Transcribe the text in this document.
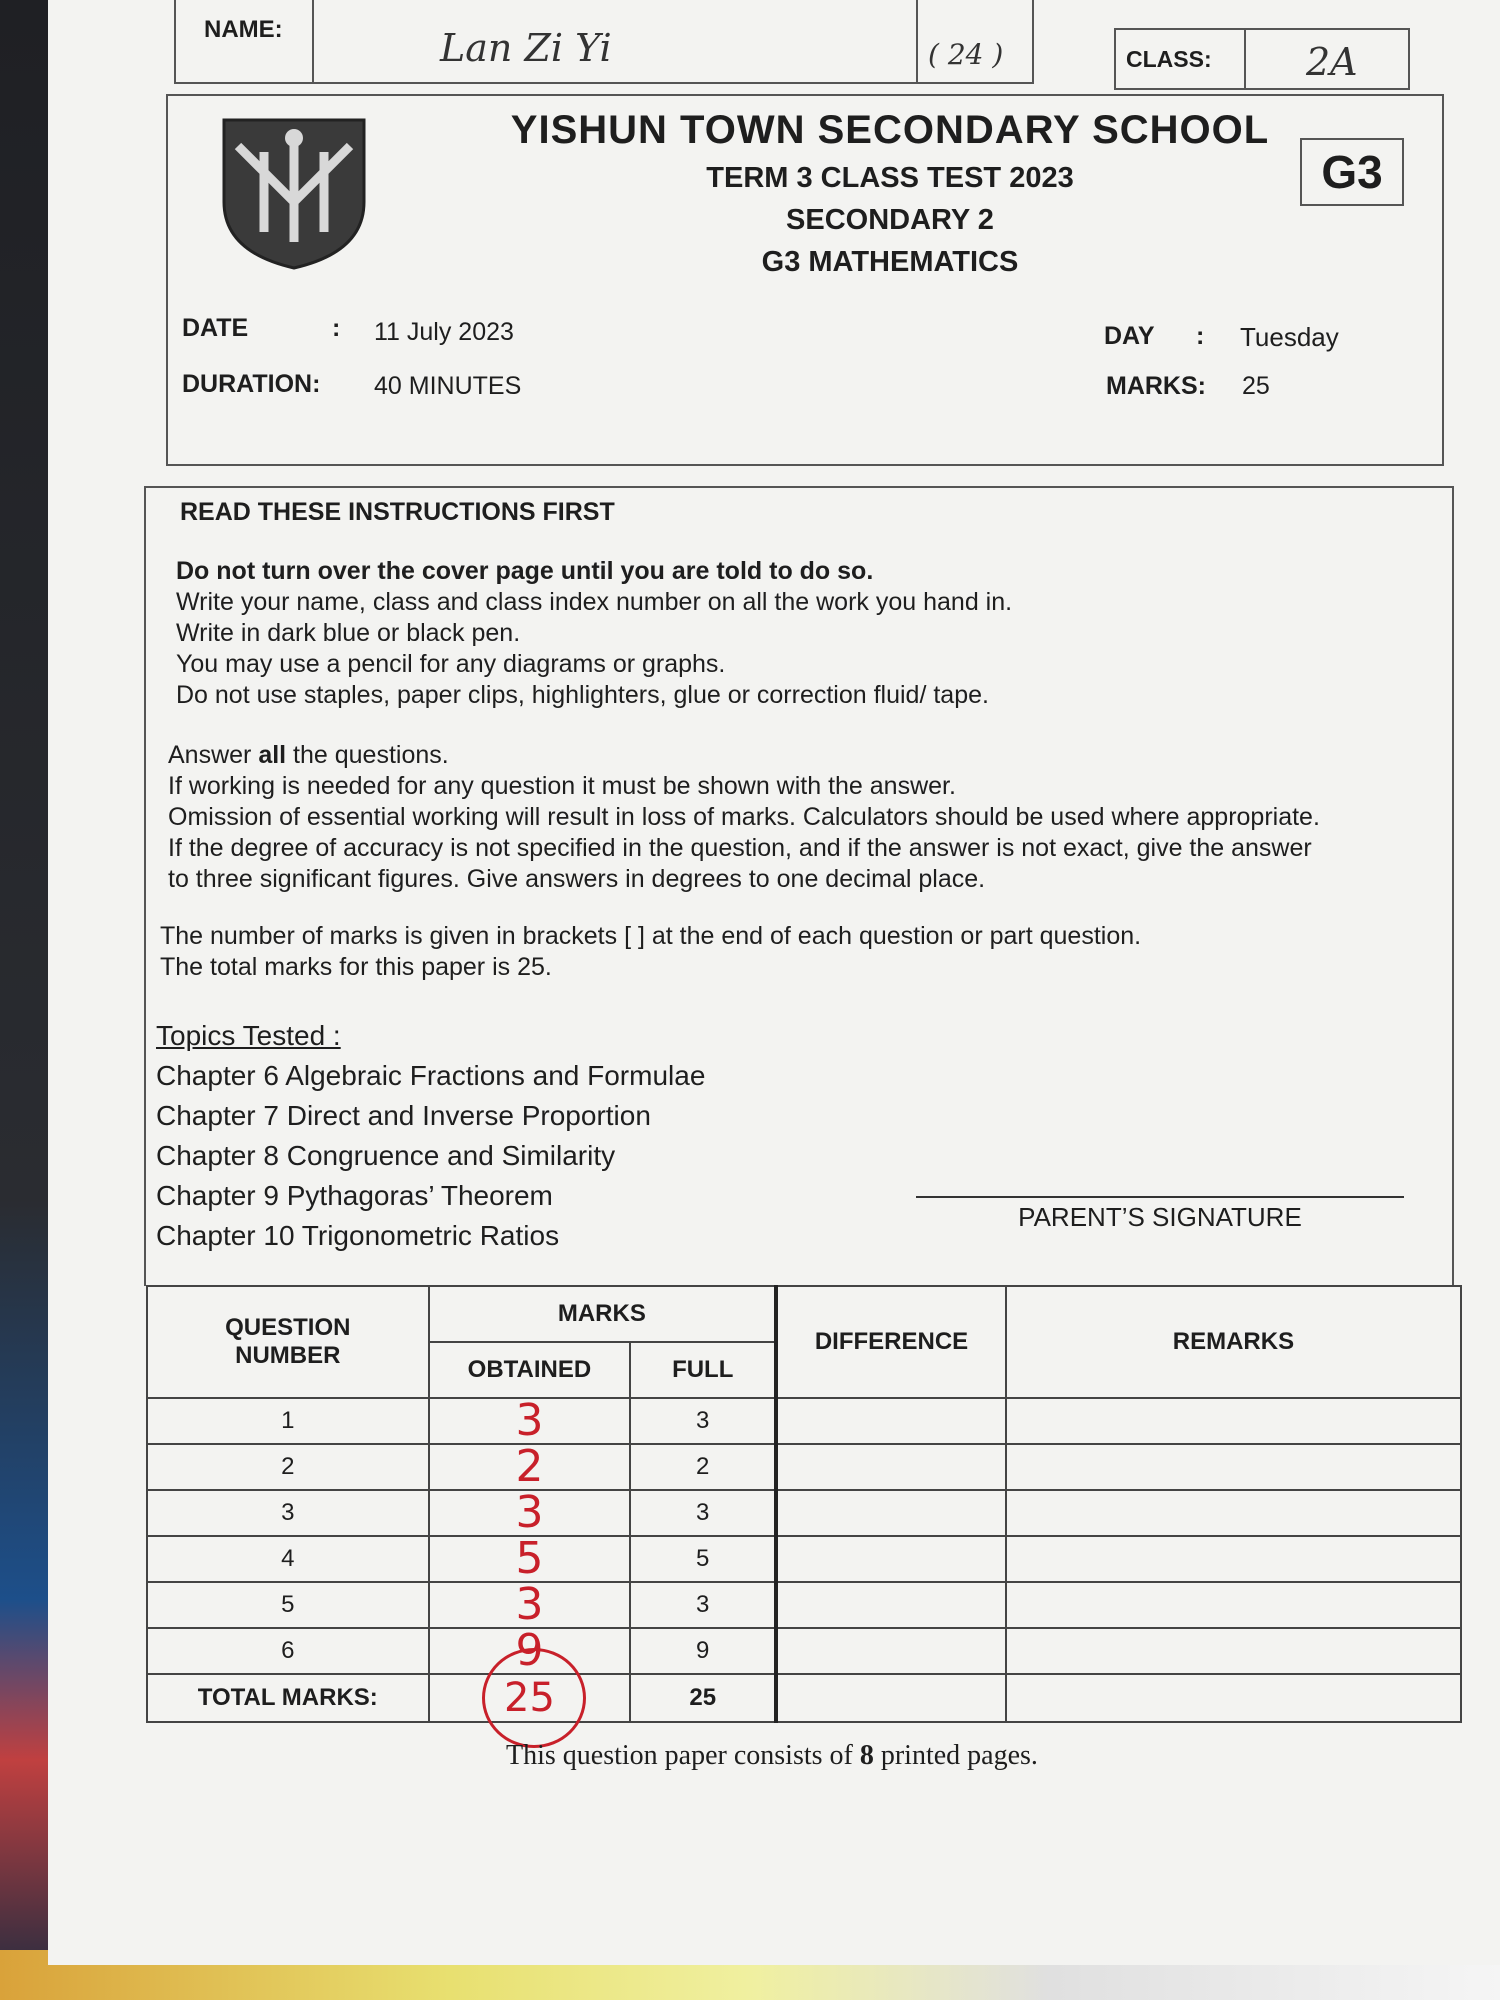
NAME:	Lan Zi Yi	( 24 )	CLASS: 2A
YISHUN TOWN SECONDARY SCHOOL
TERM 3 CLASS TEST 2023
SECONDARY 2
G3 MATHEMATICS
G3
DATE	: 11 July 2023
DURATION: 40 MINUTES
DAY : Tuesday
MARKS: 25
READ THESE INSTRUCTIONS FIRST
Do not turn over the cover page until you are told to do so.
Write your name, class and class index number on all the work you hand in.
Write in dark blue or black pen.
You may use a pencil for any diagrams or graphs.
Do not use staples, paper clips, highlighters, glue or correction fluid/ tape.
Answer all the questions.
If working is needed for any question it must be shown with the answer.
Omission of essential working will result in loss of marks. Calculators should be used where appropriate.
If the degree of accuracy is not specified in the question, and if the answer is not exact, give the answer
to three significant figures. Give answers in degrees to one decimal place.
The number of marks is given in brackets [ ] at the end of each question or part question.
The total marks for this paper is 25.
Topics Tested :
Chapter 6 Algebraic Fractions and Formulae
Chapter 7 Direct and Inverse Proportion
Chapter 8 Congruence and Similarity
Chapter 9 Pythagoras’ Theorem
Chapter 10 Trigonometric Ratios
PARENT’S SIGNATURE
QUESTION
NUMBER	MARKS		DIFFERENCE	REMARKS
	OBTAINED	FULL		
1	3	3		
2	2	2		
3	3	3		
4	5	5		
5	3	3		
6	9	9		
TOTAL MARKS:	25	25		
This question paper consists of 8 printed pages.
